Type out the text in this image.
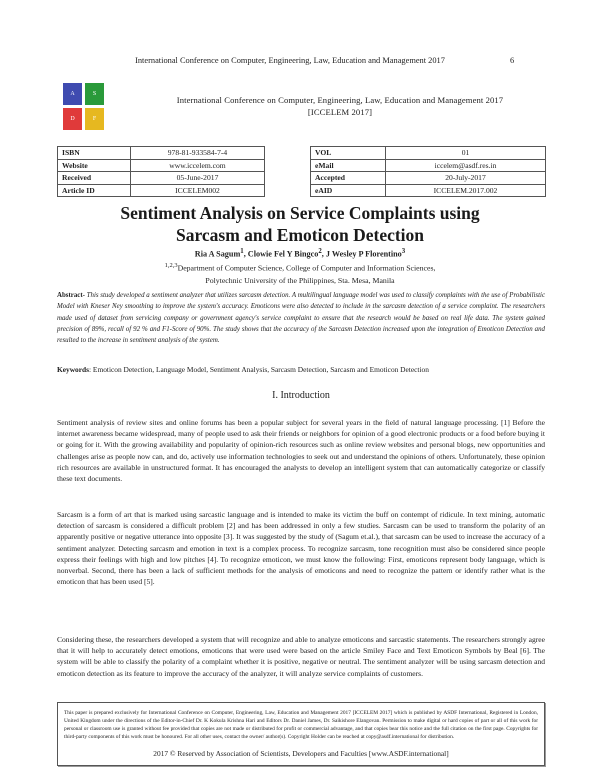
International Conference on Computer, Engineering, Law, Education and Management 2017	6
A	S
D	F
International Conference on Computer, Engineering, Law, Education and Management 2017
[ICCELEM 2017]
ISBN	978-81-933584-7-4
Website	www.iccelem.com
Received	05-June-2017
Article ID	ICCELEM002
VOL	01
eMail	iccelem@asdf.res.in
Accepted	20-July-2017
eAID	ICCELEM.2017.002
Sentiment Analysis on Service Complaints using
Sarcasm and Emoticon Detection
Ria A Sagum$^1$, Clowie Fel Y Bingco$^2$, J Wesley P Florentino$^3$
$^{1,2,3}$Department of Computer Science, College of Computer and Information Sciences,
Polytechnic University of the Philippines, Sta. Mesa, Manila
Abstract- This study developed a sentiment analyzer that utilizes sarcasm detection. A multilingual language model was used to classify complaints with the use of Probabilistic Model with Kneser Ney smoothing to improve the system's accuracy. Emoticons were also detected to include in the sarcasm detection of a service complaint. The researchers made used of dataset from servicing company or government agency's service complaint to ensure that the research would be based on real life data. The system gained precision of 89%, recall of 92 % and F1-Score of 90%. The study shows that the accuracy of the Sarcasm Detection increased upon the integration of Emoticon Detection and resulted to the increase in sentiment analysis of the system.
Keywords: Emoticon Detection, Language Model, Sentiment Analysis, Sarcasm Detection, Sarcasm and Emoticon Detection
I. Introduction
Sentiment analysis of review sites and online forums has been a popular subject for several years in the field of natural language processing. [1] Before the internet awareness became widespread, many of people used to ask their friends or neighbors for opinion of a good electronic products or a food before buying it or going for it. With the growing availability and popularity of opinion-rich resources such as online review websites and personal blogs, new opportunities and challenges arise as people now can, and do, actively use information technologies to seek out and understand the opinions of others. Unfortunately, these opinion rich resources are available in unstructured format. It has encouraged the analysts to develop an intelligent system that can automatically categorize or classify these text documents.
Sarcasm is a form of art that is marked using sarcastic language and is intended to make its victim the buff on contempt of ridicule. In text mining, automatic detection of sarcasm is considered a difficult problem [2] and has been addressed in only a few studies. Sarcasm can be used to transform the polarity of an apparently positive or negative utterance into opposite [3]. It was suggested by the study of (Sagum et.al.), that sarcasm can be used to increase the accuracy of a sentiment analyzer. Detecting sarcasm and emotion in text is a complex process. To recognize sarcasm, tone recognition must also be considered since people express their feelings with high and low pitches [4]. To recognize emoticon, we must know the following: First, emoticons represent body language, which is nonverbal. Second, there has been a lack of sufficient methods for the analysis of emoticons and need to recognize the pattern or identify rather what is the emoticon that has been used [5].
Considering these, the researchers developed a system that will recognize and able to analyze emoticons and sarcastic statements. The researchers strongly agree that it will help to accurately detect emotions, emoticons that were used were based on the article Smiley Face and Text Emoticon Symbols by Beal [6]. The system will be able to classify the polarity of a complaint whether it is positive, negative or neutral. The sentiment analyzer will be using sarcasm detection and emoticon detection as its feature to improve the accuracy of the analyzer, it will analyze service complaints of customers.
This paper is prepared exclusively for International Conference on Computer, Engineering, Law, Education and Management 2017 [ICCELEM 2017] which is published by ASDF International, Registered in London, United Kingdom under the directions of the Editor-in-Chief Dr. K Kokula Krishna Hari and Editors Dr. Daniel James, Dr. Saikishore Elangovan. Permission to make digital or hard copies of part or all of this work for personal or classroom use is granted without fee provided that copies are not made or distributed for profit or commercial advantage, and that copies bear this notice and the full citation on the first page. Copyrights for third-party components of this work must be honoured. For all other uses, contact the owner/ author(s). Copyright Holder can be reached at copy@asdf.international for distribution.
2017 © Reserved by Association of Scientists, Developers and Faculties [www.ASDF.international]
